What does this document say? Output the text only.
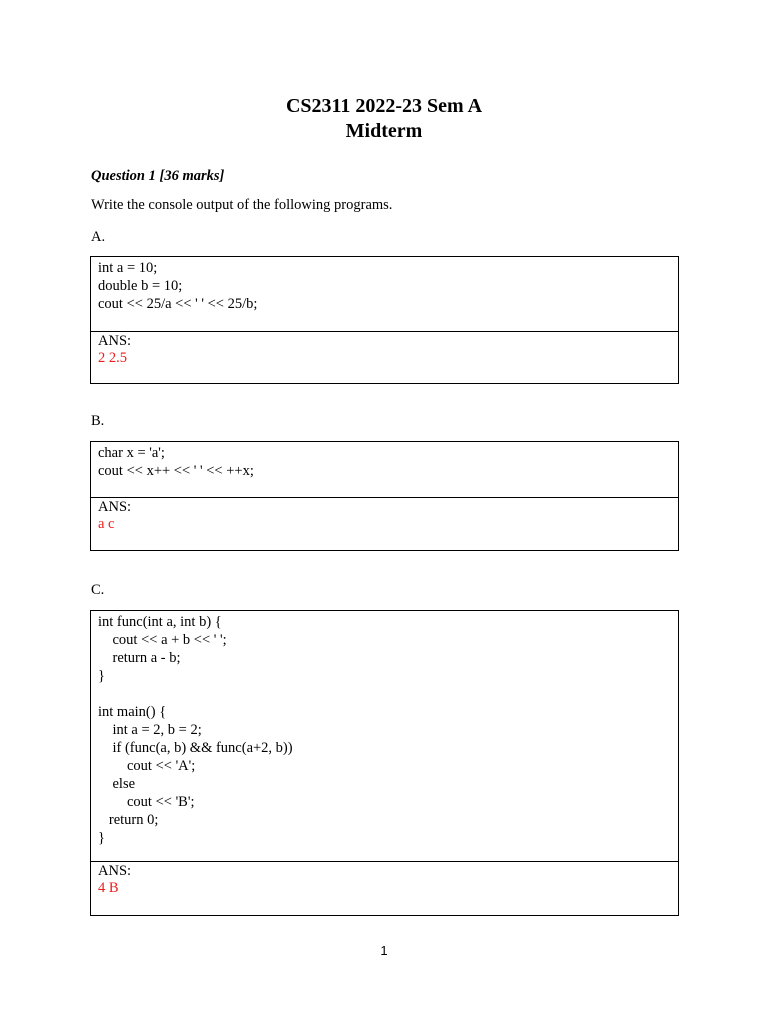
CS2311 2022-23 Sem A
Midterm
Question 1 [36 marks]
Write the console output of the following programs.
A.
int a = 10;
double b = 10;
cout << 25/a << ' ' << 25/b;
ANS:
2 2.5
B.
char x = 'a';
cout << x++ << ' ' << ++x;
ANS:
a c
C.
int func(int a, int b) {
cout << a + b << ' ';
return a - b;
}
int main() {
int a = 2, b = 2;
if (func(a, b) && func(a+2, b))
cout << 'A';
else
cout << 'B';
return 0;
}
ANS:
4 B
1
